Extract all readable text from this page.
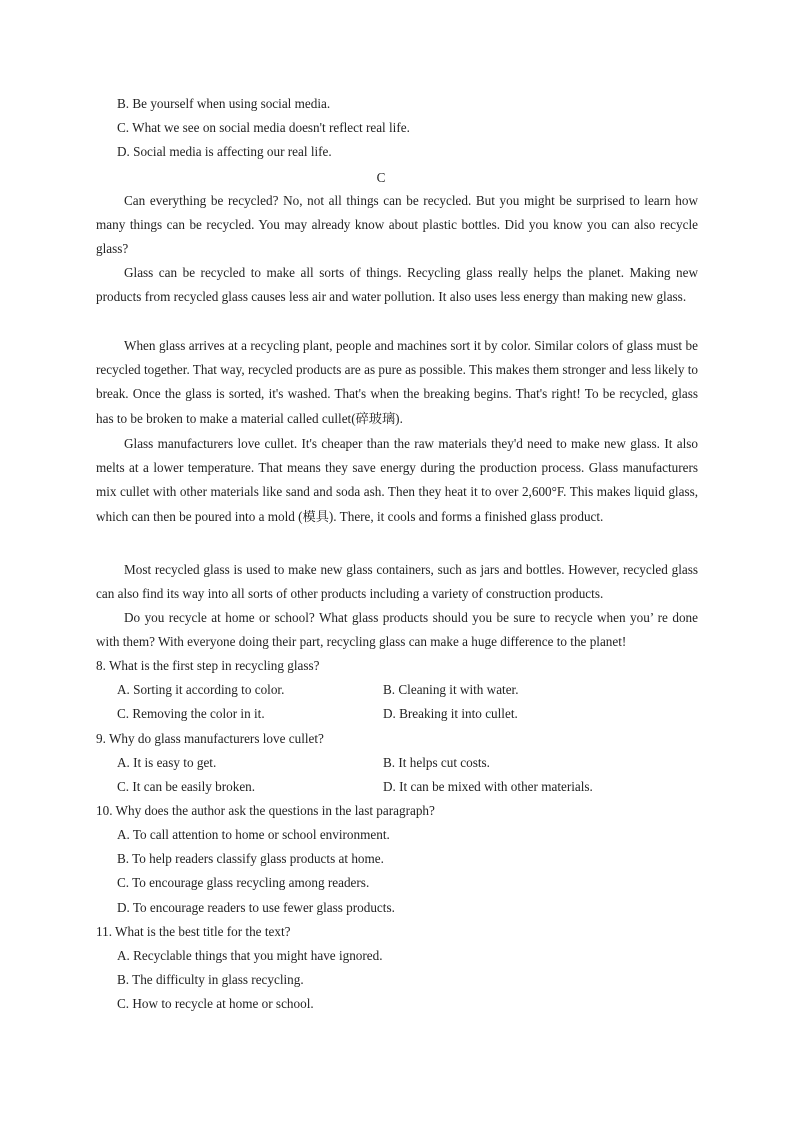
B. Be yourself when using social media.
C. What we see on social media doesn't reflect real life.
D. Social media is affecting our real life.
C
Can everything be recycled? No, not all things can be recycled. But you might be surprised to learn how many things can be recycled. You may already know about plastic bottles. Did you know you can also recycle glass?
Glass can be recycled to make all sorts of things. Recycling glass really helps the planet. Making new products from recycled glass causes less air and water pollution. It also uses less energy than making new glass.
When glass arrives at a recycling plant, people and machines sort it by color. Similar colors of glass must be recycled together. That way, recycled products are as pure as possible. This makes them stronger and less likely to break. Once the glass is sorted, it's washed. That's when the breaking begins. That's right! To be recycled, glass has to be broken to make a material called cullet(碎玻璃).
Glass manufacturers love cullet. It's cheaper than the raw materials they'd need to make new glass. It also melts at a lower temperature. That means they save energy during the production process. Glass manufacturers mix cullet with other materials like sand and soda ash. Then they heat it to over 2,600°F. This makes liquid glass, which can then be poured into a mold (模具). There, it cools and forms a finished glass product.
Most recycled glass is used to make new glass containers, such as jars and bottles. However, recycled glass can also find its way into all sorts of other products including a variety of construction products.
Do you recycle at home or school? What glass products should you be sure to recycle when you’ re done with them? With everyone doing their part, recycling glass can make a huge difference to the planet!
8. What is the first step in recycling glass?
A. Sorting it according to color.	B. Cleaning it with water.
C. Removing the color in it.	D. Breaking it into cullet.
9. Why do glass manufacturers love cullet?
A. It is easy to get.	B. It helps cut costs.
C. It can be easily broken.	D. It can be mixed with other materials.
10. Why does the author ask the questions in the last paragraph?
A. To call attention to home or school environment.
B. To help readers classify glass products at home.
C. To encourage glass recycling among readers.
D. To encourage readers to use fewer glass products.
11. What is the best title for the text?
A. Recyclable things that you might have ignored.
B. The difficulty in glass recycling.
C. How to recycle at home or school.
